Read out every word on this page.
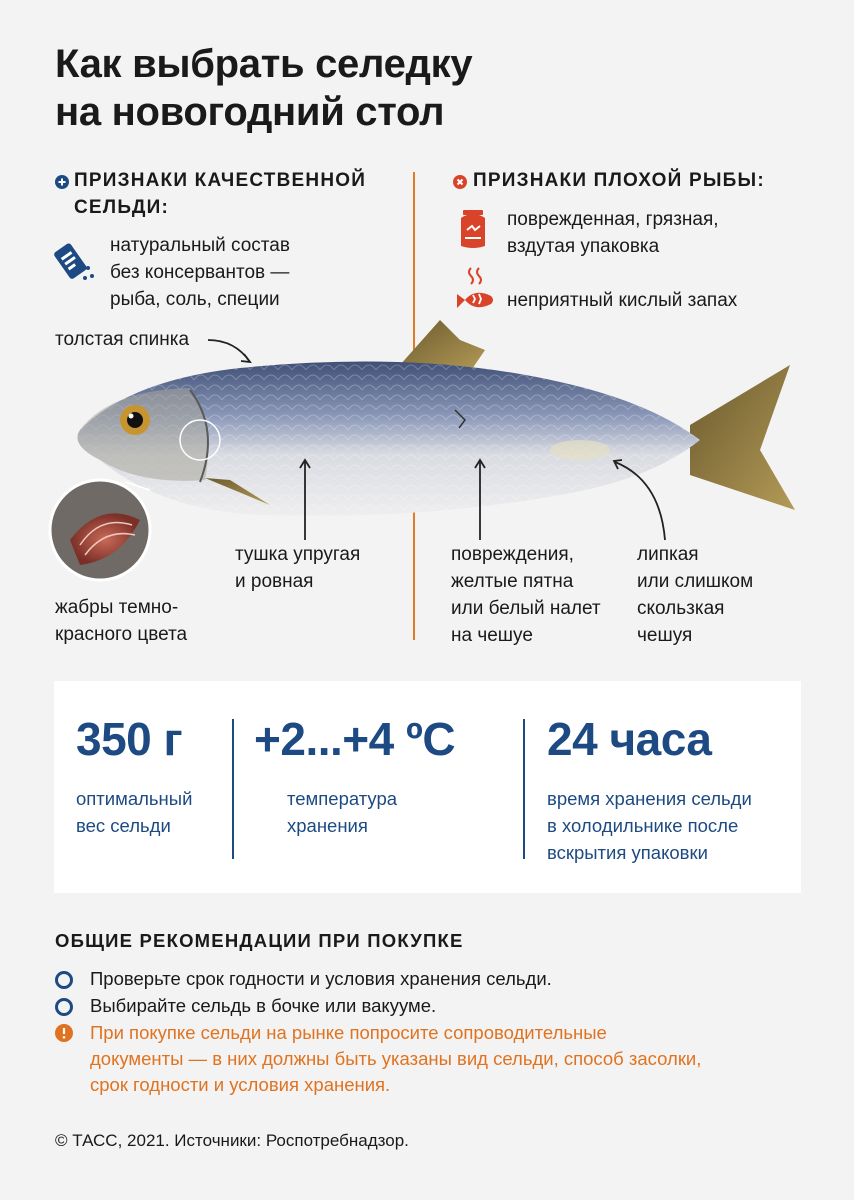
Как выбрать селедку
на новогодний стол
ПРИЗНАКИ КАЧЕСТВЕННОЙ
СЕЛЬДИ:
натуральный состав
без консервантов —
рыба, соль, специи
ПРИЗНАКИ ПЛОХОЙ РЫБЫ:
поврежденная, грязная,
вздутая упаковка
неприятный кислый запах
толстая спинка
тушка упругая
и ровная
жабры темно-
красного цвета
повреждения,
желтые пятна
или белый налет
на чешуе
липкая
или слишком
скользкая
чешуя
350 г
оптимальный
вес сельди
+2...+4 ºС
температура
хранения
24 часа
время хранения сельди
в холодильнике после
вскрытия упаковки
ОБЩИЕ РЕКОМЕНДАЦИИ ПРИ ПОКУПКЕ
Проверьте срок годности и условия хранения сельди.
Выбирайте сельдь в бочке или вакууме.
При покупке сельди на рынке попросите сопроводительные
документы — в них должны быть указаны вид сельди, способ засолки,
срок годности и условия хранения.
© ТАСС, 2021. Источники: Роспотребнадзор.
